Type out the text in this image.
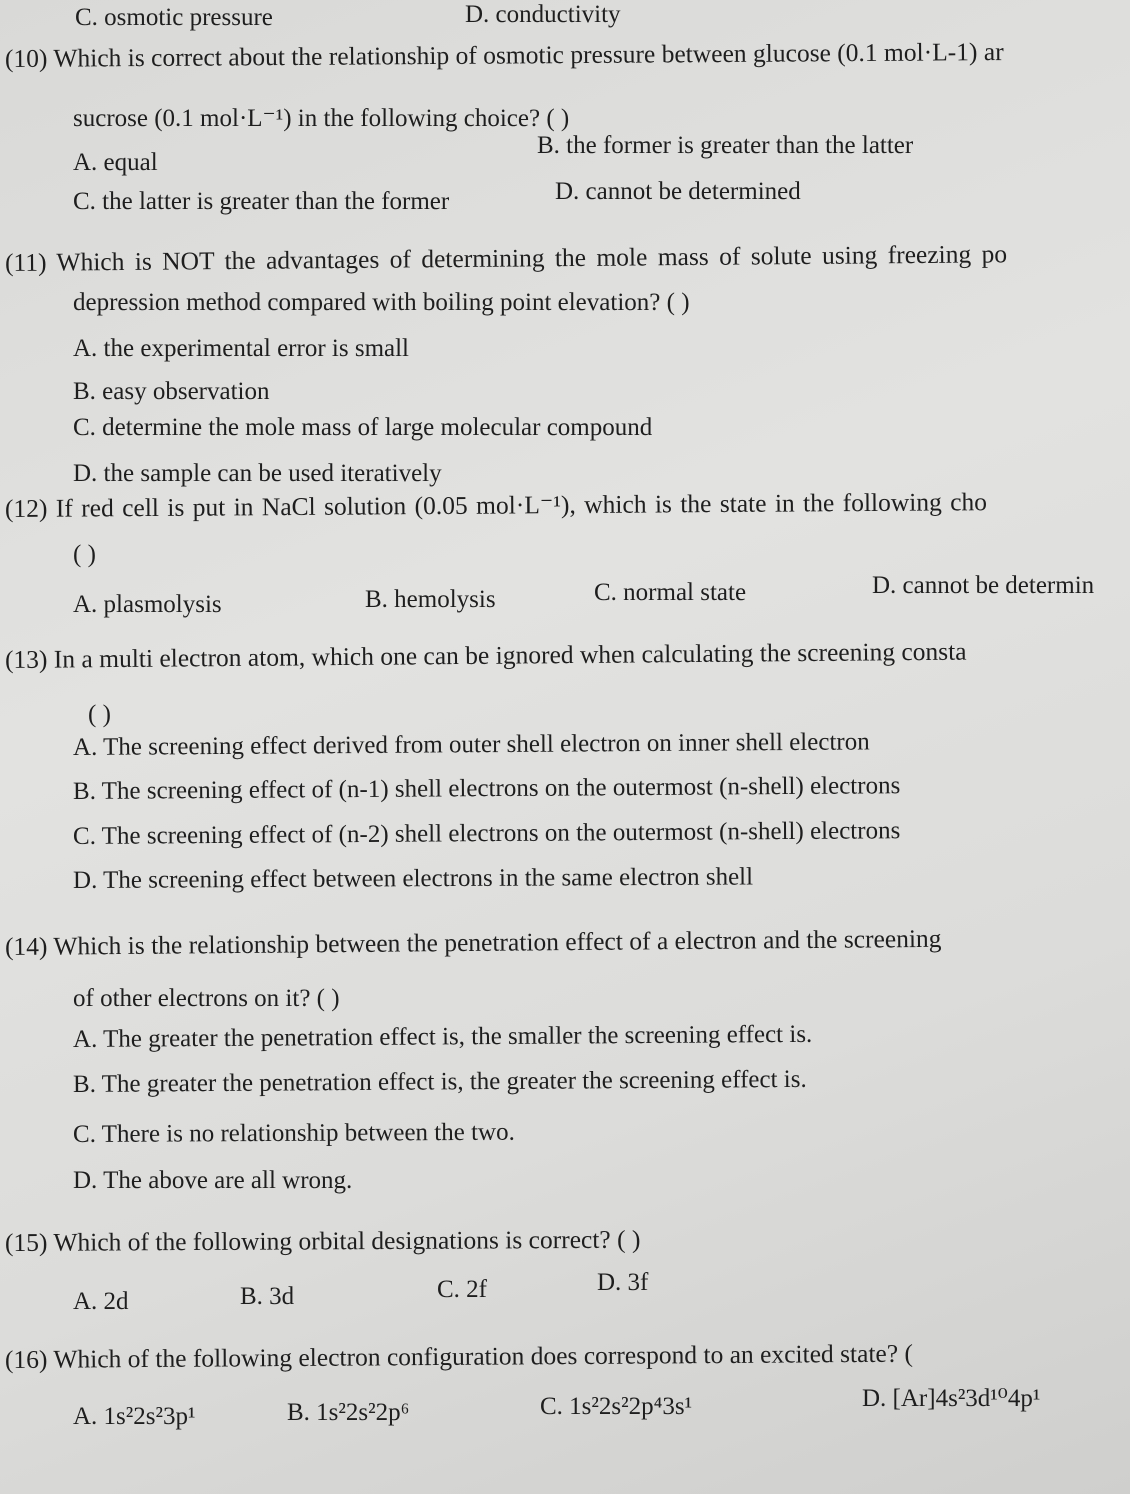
C. osmotic pressure	D. conductivity
(10) Which is correct about the relationship of osmotic pressure between glucose (0.1 mol·L-1) ar
sucrose (0.1 mol·L⁻¹) in the following choice? ( )
A. equal
B. the former is greater than the latter
C. the latter is greater than the former	D. cannot be determined
(11) Which is NOT the advantages of determining the mole mass of solute using freezing po
depression method compared with boiling point elevation? ( )
A. the experimental error is small
B. easy observation
C. determine the mole mass of large molecular compound
D. the sample can be used iteratively
(12) If red cell is put in NaCl solution (0.05 mol·L⁻¹), which is the state in the following cho
( )
A. plasmolysis	B. hemolysis	C. normal state	D. cannot be determin
(13) In a multi electron atom, which one can be ignored when calculating the screening consta
( )
A. The screening effect derived from outer shell electron on inner shell electron
B. The screening effect of (n-1) shell electrons on the outermost (n-shell) electrons
C. The screening effect of (n-2) shell electrons on the outermost (n-shell) electrons
D. The screening effect between electrons in the same electron shell
(14) Which is the relationship between the penetration effect of a electron and the screening
of other electrons on it? ( )
A. The greater the penetration effect is, the smaller the screening effect is.
B. The greater the penetration effect is, the greater the screening effect is.
C. There is no relationship between the two.
D. The above are all wrong.
(15) Which of the following orbital designations is correct? ( )
A. 2d	B. 3d	C. 2f	D. 3f
(16) Which of the following electron configuration does correspond to an excited state? (
A. 1s²2s²3p¹	B. 1s²2s²2p⁶	C. 1s²2s²2p⁴3s¹	D. [Ar]4s²3d¹⁰4p¹
